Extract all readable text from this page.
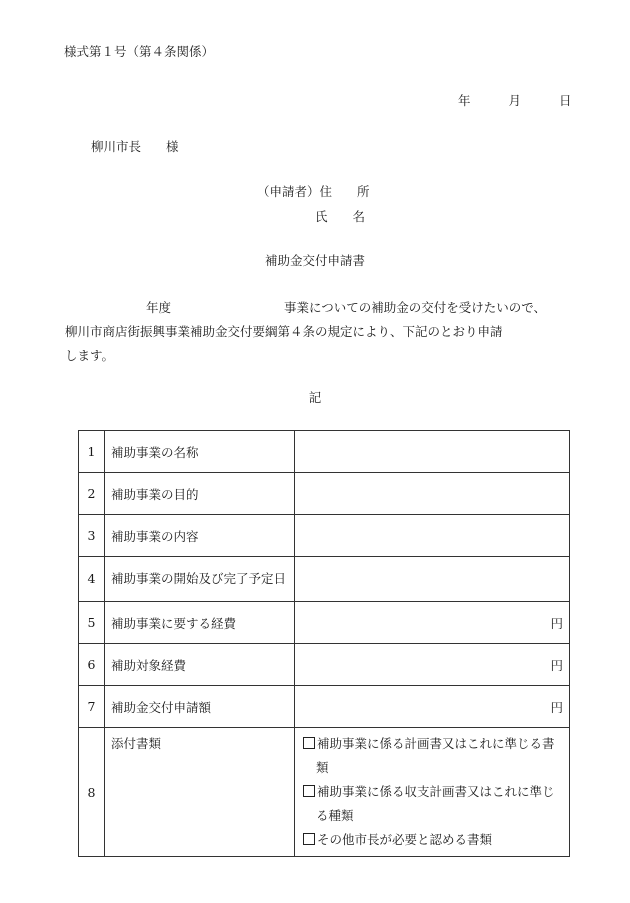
様式第１号（第４条関係）
年	月	日
柳川市長　　様
（申請者）住　　所
氏　　名
補助金交付申請書
年度	事業についての補助金の交付を受けたいので、
柳川市商店街振興事業補助金交付要綱第４条の規定により、下記のとおり申請
します。
記
1	補助事業の名称	
2	補助事業の目的	
3	補助事業の内容	
4	補助事業の開始及び完了予定日	
5	補助事業に要する経費	円
6	補助対象経費	円
7	補助金交付申請額	円
8	添付書類	補助事業に係る計画書又はこれに準じる書類
補助事業に係る収支計画書又はこれに準じる種類
その他市長が必要と認める書類
